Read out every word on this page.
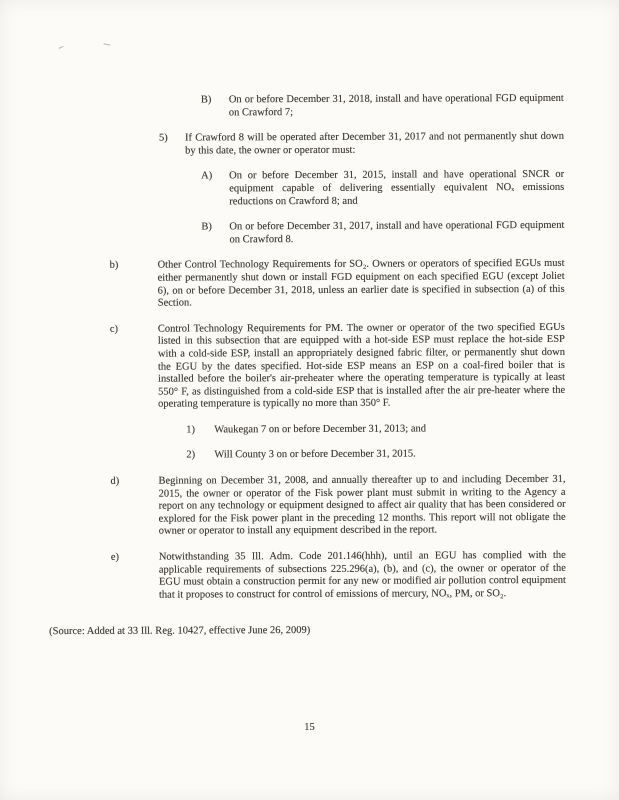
B)	On or before December 31, 2018, install and have operational FGD equipment on Crawford 7;
5)	If Crawford 8 will be operated after December 31, 2017 and not permanently shut down by this date, the owner or operator must:
A)	On or before December 31, 2015, install and have operational SNCR or equipment capable of delivering essentially equivalent NOₓ emissions reductions on Crawford 8; and
B)	On or before December 31, 2017, install and have operational FGD equipment on Crawford 8.
b)	Other Control Technology Requirements for SO₂. Owners or operators of specified EGUs must either permanently shut down or install FGD equipment on each specified EGU (except Joliet 6), on or before December 31, 2018, unless an earlier date is specified in subsection (a) of this Section.
c)	Control Technology Requirements for PM. The owner or operator of the two specified EGUs listed in this subsection that are equipped with a hot-side ESP must replace the hot-side ESP with a cold-side ESP, install an appropriately designed fabric filter, or permanently shut down the EGU by the dates specified. Hot-side ESP means an ESP on a coal-fired boiler that is installed before the boiler's air-preheater where the operating temperature is typically at least 550° F, as distinguished from a cold-side ESP that is installed after the air pre-heater where the operating temperature is typically no more than 350° F.
1)	Waukegan 7 on or before December 31, 2013; and
2)	Will County 3 on or before December 31, 2015.
d)	Beginning on December 31, 2008, and annually thereafter up to and including December 31, 2015, the owner or operator of the Fisk power plant must submit in writing to the Agency a report on any technology or equipment designed to affect air quality that has been considered or explored for the Fisk power plant in the preceding 12 months. This report will not obligate the owner or operator to install any equipment described in the report.
e)	Notwithstanding 35 Ill. Adm. Code 201.146(hhh), until an EGU has complied with the applicable requirements of subsections 225.296(a), (b), and (c), the owner or operator of the EGU must obtain a construction permit for any new or modified air pollution control equipment that it proposes to construct for control of emissions of mercury, NOₓ, PM, or SO₂.
(Source: Added at 33 Ill. Reg. 10427, effective June 26, 2009)
15
